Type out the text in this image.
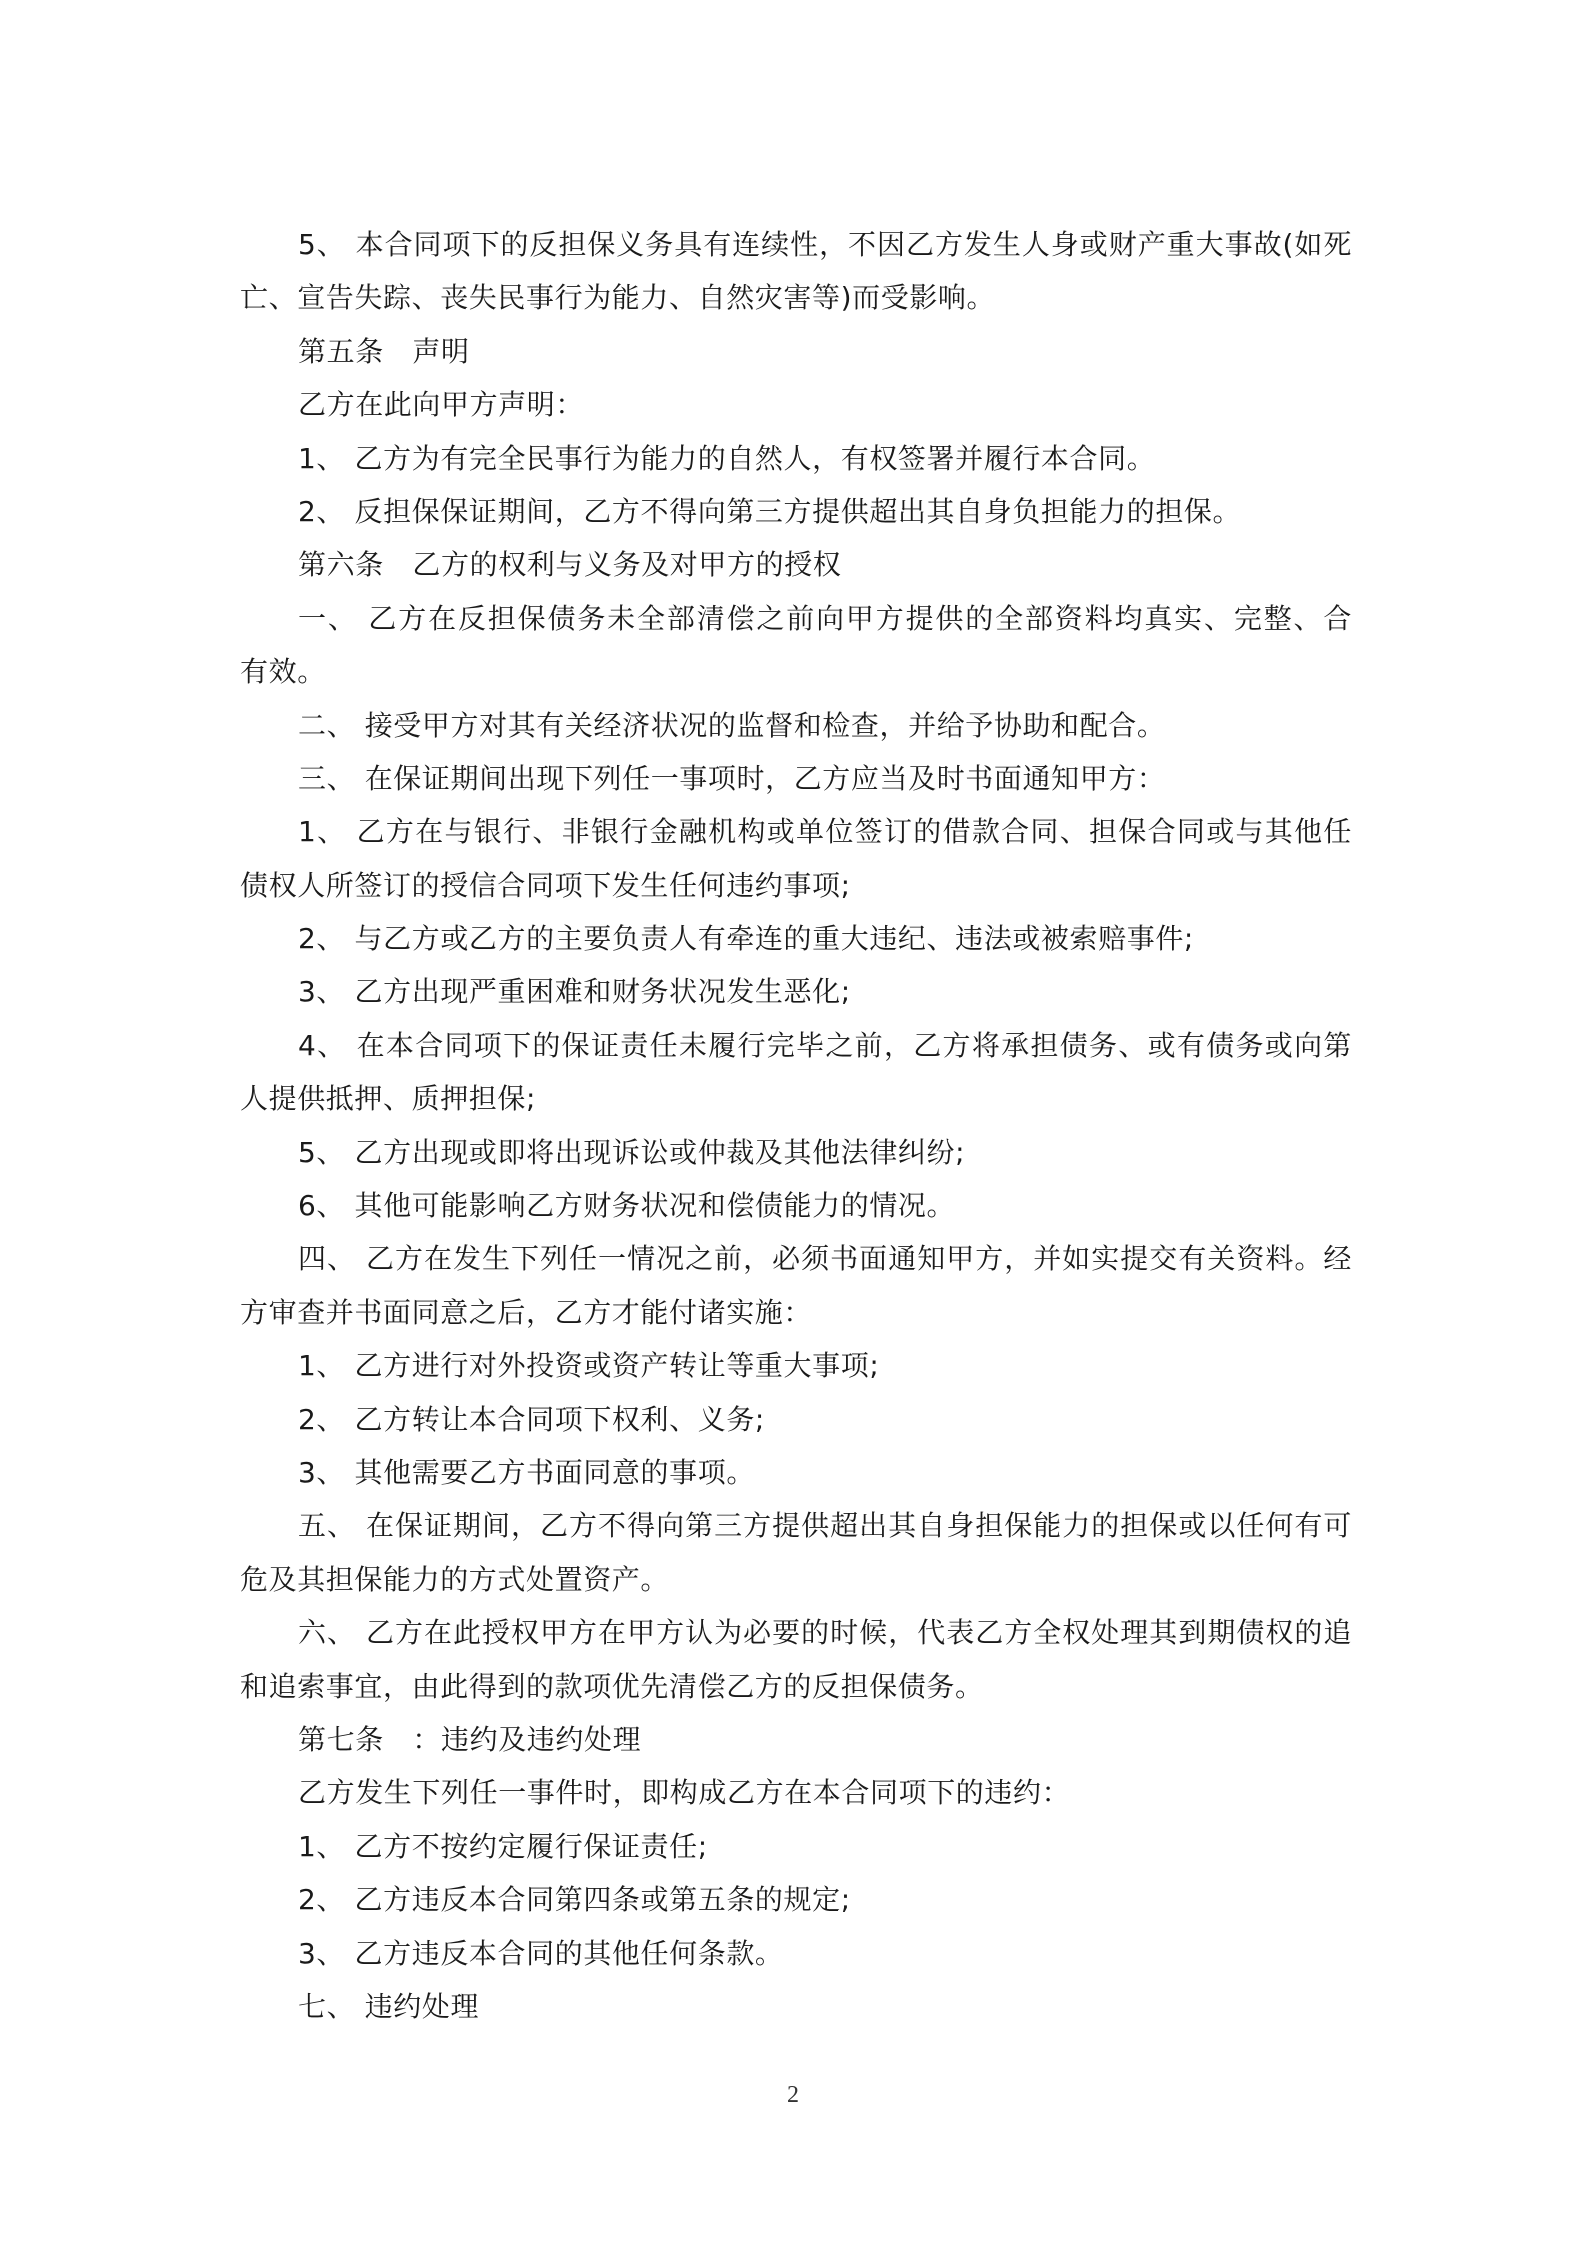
5、 本合同项下的反担保义务具有连续性，不因乙方发生人身或财产重大事故(如死
亡、宣告失踪、丧失民事行为能力、自然灾害等)而受影响。
第五条　声明
乙方在此向甲方声明：
1、 乙方为有完全民事行为能力的自然人，有权签署并履行本合同。
2、 反担保保证期间，乙方不得向第三方提供超出其自身负担能力的担保。
第六条　乙方的权利与义务及对甲方的授权
一、 乙方在反担保债务未全部清偿之前向甲方提供的全部资料均真实、完整、合
有效。
二、 接受甲方对其有关经济状况的监督和检查，并给予协助和配合。
三、 在保证期间出现下列任一事项时，乙方应当及时书面通知甲方：
1、 乙方在与银行、非银行金融机构或单位签订的借款合同、担保合同或与其他任
债权人所签订的授信合同项下发生任何违约事项;
2、 与乙方或乙方的主要负责人有牵连的重大违纪、违法或被索赔事件;
3、 乙方出现严重困难和财务状况发生恶化;
4、 在本合同项下的保证责任未履行完毕之前，乙方将承担债务、或有债务或向第
人提供抵押、质押担保;
5、 乙方出现或即将出现诉讼或仲裁及其他法律纠纷;
6、 其他可能影响乙方财务状况和偿债能力的情况。
四、 乙方在发生下列任一情况之前，必须书面通知甲方，并如实提交有关资料。经
方审查并书面同意之后，乙方才能付诸实施：
1、 乙方进行对外投资或资产转让等重大事项;
2、 乙方转让本合同项下权利、义务;
3、 其他需要乙方书面同意的事项。
五、 在保证期间，乙方不得向第三方提供超出其自身担保能力的担保或以任何有可
危及其担保能力的方式处置资产。
六、 乙方在此授权甲方在甲方认为必要的时候，代表乙方全权处理其到期债权的追
和追索事宜，由此得到的款项优先清偿乙方的反担保债务。
第七条　：违约及违约处理
乙方发生下列任一事件时，即构成乙方在本合同项下的违约：
1、 乙方不按约定履行保证责任;
2、 乙方违反本合同第四条或第五条的规定;
3、 乙方违反本合同的其他任何条款。
七、 违约处理
2
